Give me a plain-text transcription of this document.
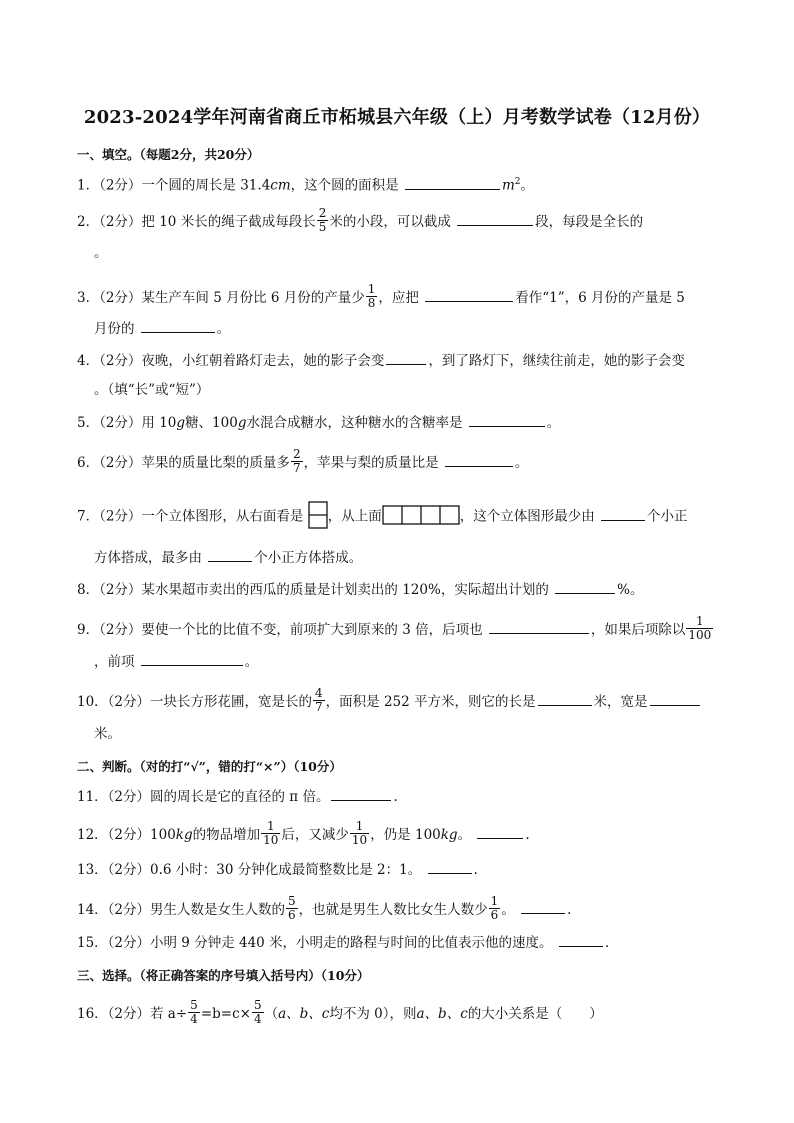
2023-2024学年河南省商丘市柘城县六年级（上）月考数学试卷（12月份）
一、填空。（每题2分，共20分）
1．（2分）一个圆的周长是 31.4cm，这个圆的面积是	$m^2$。
2．（2分）把 10 米长的绳子截成每段长 $\frac{2}{5}$ 米的小段，可以截成	段，每段是全长的
。
3．（2分）某生产车间 5 月份比 6 月份的产量少 $\frac{1}{8}$ ，应把	看作“1”，6 月份的产量是 5
月份的	。
4．（2分）夜晚，小红朝着路灯走去，她的影子会变	，到了路灯下，继续往前走，她的影子会变
。（填“长”或“短”）
5．（2分）用 10g糖、100g水混合成糖水，这种糖水的含糖率是	。
6．（2分）苹果的质量比梨的质量多 $\frac{2}{7}$ ，苹果与梨的质量比是	。
7．（2分）一个立体图形，从右面看是 ，从上面	，这个立体图形最少由	个小正
方体搭成，最多由	个小正方体搭成。
8．（2分）某水果超市卖出的西瓜的质量是计划卖出的 120%，实际超出计划的	%。
9．（2分）要使一个比的比值不变，前项扩大到原来的 3 倍，后项也	，如果后项除以 $\frac{1}{100}$
，前项	。
10．（2分）一块长方形花圃，宽是长的 $\frac{4}{7}$ ，面积是 252 平方米，则它的长是	米，宽是
米。
二、判断。（对的打“√”，错的打“×”）（10分）
11．（2分）圆的周长是它的直径的 π 倍。	.
12．（2分）100kg的物品增加 $\frac{1}{10}$ 后，又减少 $\frac{1}{10}$ ，仍是 100kg。	.
13．（2分）0.6 小时：30 分钟化成最简整数比是 2：1。	.
14．（2分）男生人数是女生人数的 $\frac{5}{6}$ ，也就是男生人数比女生人数少 $\frac{1}{6}$ 。	.
15．（2分）小明 9 分钟走 440 米，小明走的路程与时间的比值表示他的速度。	.
三、选择。（将正确答案的序号填入括号内）（10分）
16．（2分）若 $a\div \frac{5}{4} =b=c\times \frac{5}{4} (a$、b、c均不为 0），则a、b、c的大小关系是（　　）
